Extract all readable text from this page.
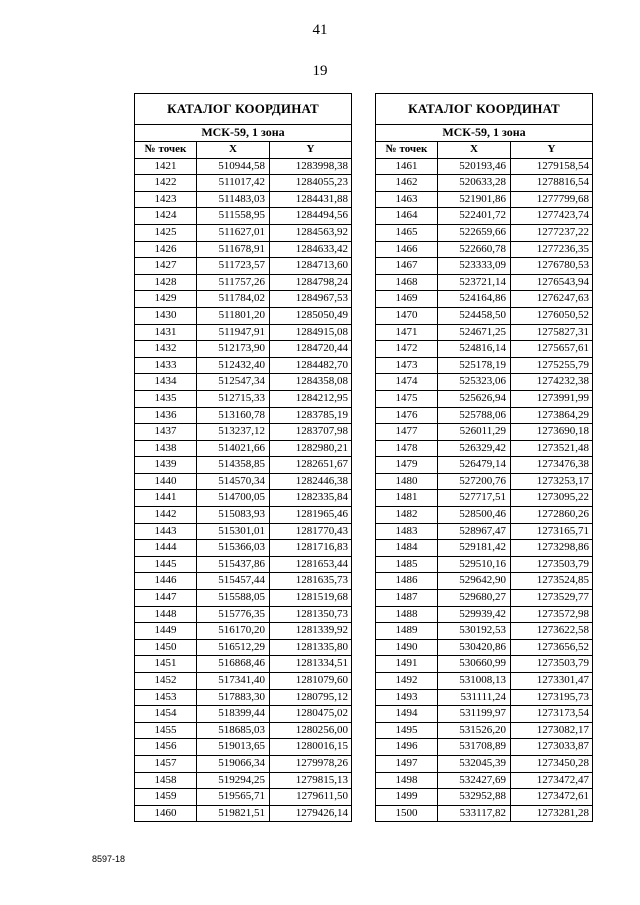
41
19
КАТАЛОГ КООРДИНАТ		
МСК-59, 1 зона		
№ точек	X	Y
1421	510944,58	1283998,38
1422	511017,42	1284055,23
1423	511483,03	1284431,88
1424	511558,95	1284494,56
1425	511627,01	1284563,92
1426	511678,91	1284633,42
1427	511723,57	1284713,60
1428	511757,26	1284798,24
1429	511784,02	1284967,53
1430	511801,20	1285050,49
1431	511947,91	1284915,08
1432	512173,90	1284720,44
1433	512432,40	1284482,70
1434	512547,34	1284358,08
1435	512715,33	1284212,95
1436	513160,78	1283785,19
1437	513237,12	1283707,98
1438	514021,66	1282980,21
1439	514358,85	1282651,67
1440	514570,34	1282446,38
1441	514700,05	1282335,84
1442	515083,93	1281965,46
1443	515301,01	1281770,43
1444	515366,03	1281716,83
1445	515437,86	1281653,44
1446	515457,44	1281635,73
1447	515588,05	1281519,68
1448	515776,35	1281350,73
1449	516170,20	1281339,92
1450	516512,29	1281335,80
1451	516868,46	1281334,51
1452	517341,40	1281079,60
1453	517883,30	1280795,12
1454	518399,44	1280475,02
1455	518685,03	1280256,00
1456	519013,65	1280016,15
1457	519066,34	1279978,26
1458	519294,25	1279815,13
1459	519565,71	1279611,50
1460	519821,51	1279426,14
КАТАЛОГ КООРДИНАТ		
МСК-59, 1 зона		
№ точек	X	Y
1461	520193,46	1279158,54
1462	520633,28	1278816,54
1463	521901,86	1277799,68
1464	522401,72	1277423,74
1465	522659,66	1277237,22
1466	522660,78	1277236,35
1467	523333,09	1276780,53
1468	523721,14	1276543,94
1469	524164,86	1276247,63
1470	524458,50	1276050,52
1471	524671,25	1275827,31
1472	524816,14	1275657,61
1473	525178,19	1275255,79
1474	525323,06	1274232,38
1475	525626,94	1273991,99
1476	525788,06	1273864,29
1477	526011,29	1273690,18
1478	526329,42	1273521,48
1479	526479,14	1273476,38
1480	527200,76	1273253,17
1481	527717,51	1273095,22
1482	528500,46	1272860,26
1483	528967,47	1273165,71
1484	529181,42	1273298,86
1485	529510,16	1273503,79
1486	529642,90	1273524,85
1487	529680,27	1273529,77
1488	529939,42	1273572,98
1489	530192,53	1273622,58
1490	530420,86	1273656,52
1491	530660,99	1273503,79
1492	531008,13	1273301,47
1493	531111,24	1273195,73
1494	531199,97	1273173,54
1495	531526,20	1273082,17
1496	531708,89	1273033,87
1497	532045,39	1273450,28
1498	532427,69	1273472,47
1499	532952,88	1273472,61
1500	533117,82	1273281,28
8597-18
